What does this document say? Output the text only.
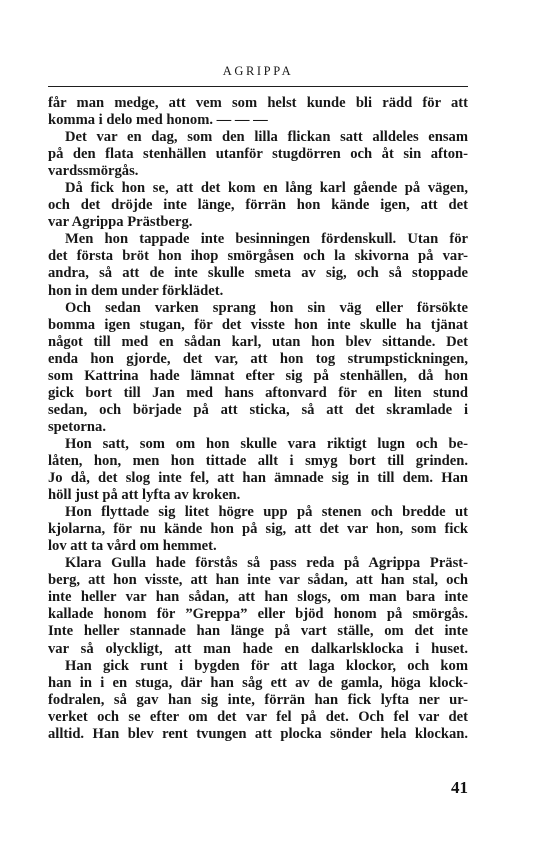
AGRIPPA
får man medge, att vem som helst kunde bli rädd för att
komma i delo med honom. — — —
Det var en dag, som den lilla flickan satt alldeles ensam
på den flata stenhällen utanför stugdörren och åt sin afton-
vardssmörgås.
Då fick hon se, att det kom en lång karl gående på vägen,
och det dröjde inte länge, förrän hon kände igen, att det
var Agrippa Prästberg.
Men hon tappade inte besinningen fördenskull. Utan för
det första bröt hon ihop smörgåsen och la skivorna på var-
andra, så att de inte skulle smeta av sig, och så stoppade
hon in dem under förklädet.
Och sedan varken sprang hon sin väg eller försökte
bomma igen stugan, för det visste hon inte skulle ha tjänat
något till med en sådan karl, utan hon blev sittande. Det
enda hon gjorde, det var, att hon tog strumpstickningen,
som Kattrina hade lämnat efter sig på stenhällen, då hon
gick bort till Jan med hans aftonvard för en liten stund
sedan, och började på att sticka, så att det skramlade i
spetorna.
Hon satt, som om hon skulle vara riktigt lugn och be-
låten, hon, men hon tittade allt i smyg bort till grinden.
Jo då, det slog inte fel, att han ämnade sig in till dem. Han
höll just på att lyfta av kroken.
Hon flyttade sig litet högre upp på stenen och bredde ut
kjolarna, för nu kände hon på sig, att det var hon, som fick
lov att ta vård om hemmet.
Klara Gulla hade förstås så pass reda på Agrippa Präst-
berg, att hon visste, att han inte var sådan, att han stal, och
inte heller var han sådan, att han slogs, om man bara inte
kallade honom för ”Greppa” eller bjöd honom på smörgås.
Inte heller stannade han länge på vart ställe, om det inte
var så olyckligt, att man hade en dalkarlsklocka i huset.
Han gick runt i bygden för att laga klockor, och kom
han in i en stuga, där han såg ett av de gamla, höga klock-
fodralen, så gav han sig inte, förrän han fick lyfta ner ur-
verket och se efter om det var fel på det. Och fel var det
alltid. Han blev rent tvungen att plocka sönder hela klockan.
41
